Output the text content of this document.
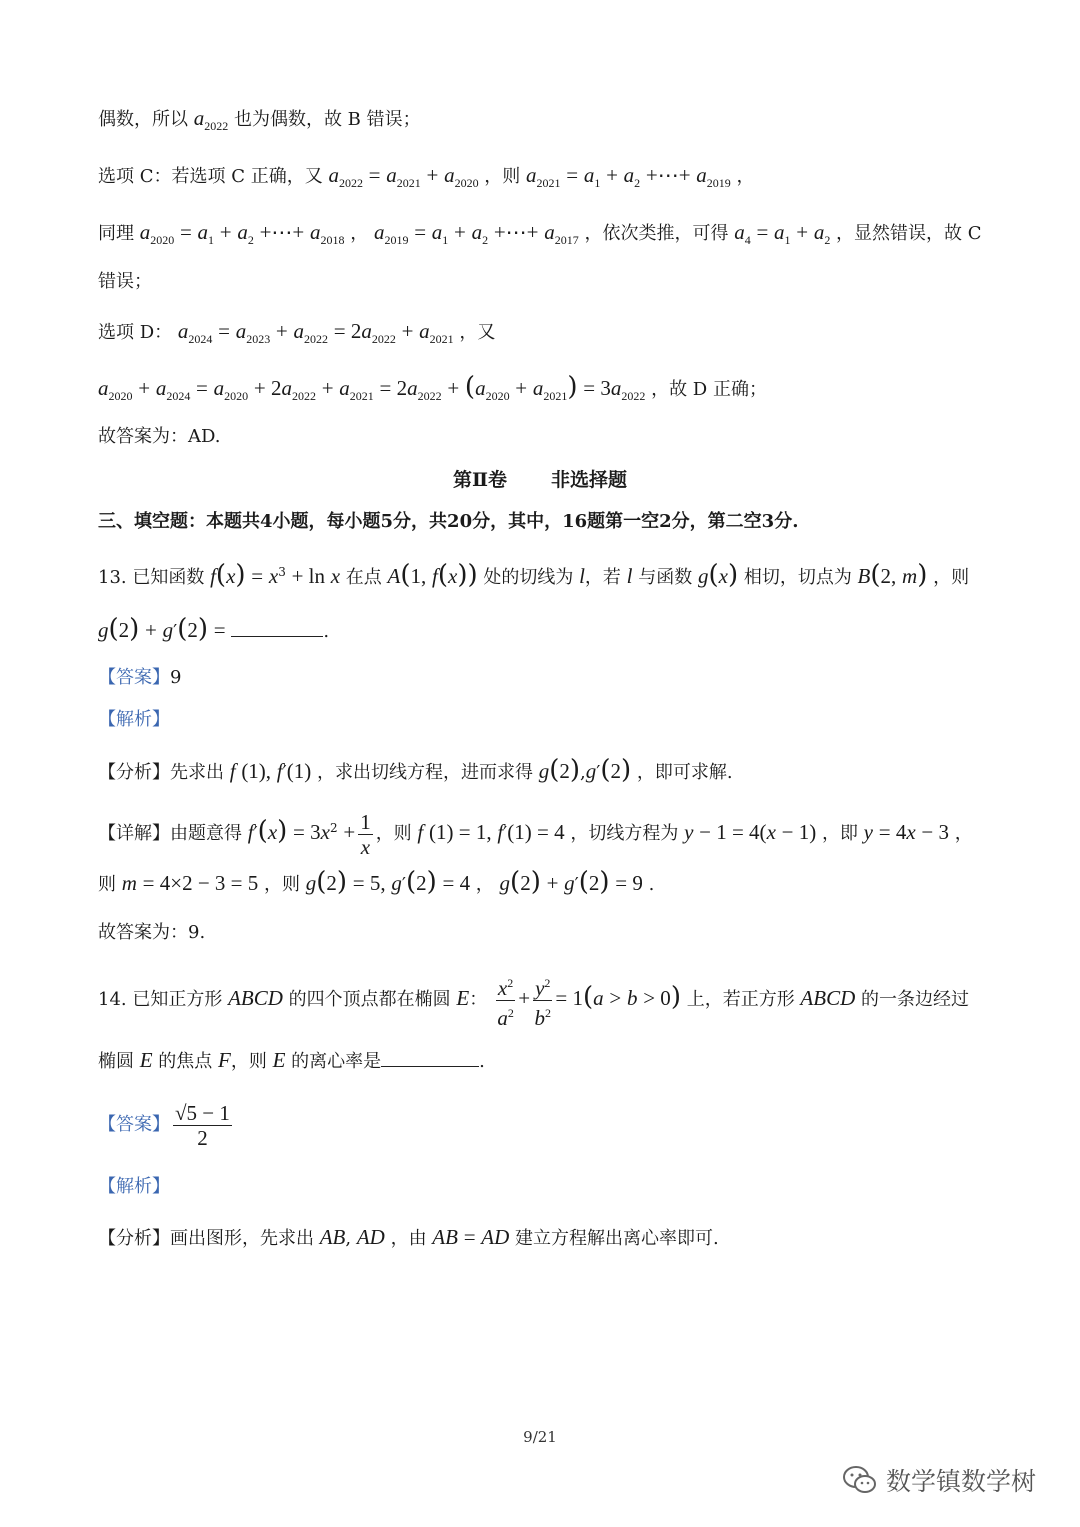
偶数，所以 $a_{2022}$ 也为偶数，故 B 错误；
选项 C：若选项 C 正确，又 $a_{2022} = a_{2021} + a_{2020}$ ，则 $a_{2021} = a_1 + a_2$ +⋯+ $a_{2019}$ ，
同理 $a_{2020} = a_1 + a_2$ +⋯+ $a_{2018}$ ， $a_{2019} = a_1 + a_2$ +⋯+ $a_{2017}$ ，依次类推，可得 $a_4 = a_1 + a_2$ ，显然错误，故 C
错误；
选项 D： $a_{2024} = a_{2023} + a_{2022} = 2a_{2022} + a_{2021}$ ，又
$a_{2020} + a_{2024} = a_{2020} + 2a_{2022} + a_{2021} = 2a_{2022} + (a_{2020} + a_{2021}) = 3a_{2022}$ ，故 D 正确；
故答案为：AD.
第Ⅱ卷 非选择题
三、填空题：本题共4小题，每小题5分，共20分，其中，16题第一空2分，第二空3分.
13. 已知函数 $f(x) = x^3 + \ln x$ 在点 A(1, f(x)) 处的切线为 l，若 l 与函数 g(x) 相切，切点为 B(2, m) ，则
g(2) + g′(2) =	.
【答案】9
【解析】
【分析】先求出 f (1), f′(1) ，求出切线方程，进而求得 g(2),g′(2) ，即可求解.
【详解】由题意得 $f'(x) = 3x^2 + \frac{1}{x}$ ，则 f (1) = 1, f′(1) = 4 ，切线方程为 y − 1 = 4(x − 1) ，即 y = 4x − 3 ，
则 m = 4×2 − 3 = 5 ，则 g(2) = 5, g′(2) = 4 ， g(2) + g′(2) = 9 .
故答案为：9.
14. 已知正方形 ABCD 的四个顶点都在椭圆 E： $\frac{x^2}{a^2} + \frac{y^2}{b^2} = 1(a > b > 0)$ 上，若正方形 ABCD 的一条边经过
椭圆 E 的焦点 F，则 E 的离心率是	.
【答案】 $\frac{√5 - 1}{2}$
【解析】
【分析】画出图形，先求出 AB, AD ，由 AB = AD 建立方程解出离心率即可.
9/21
数学镇数学树
